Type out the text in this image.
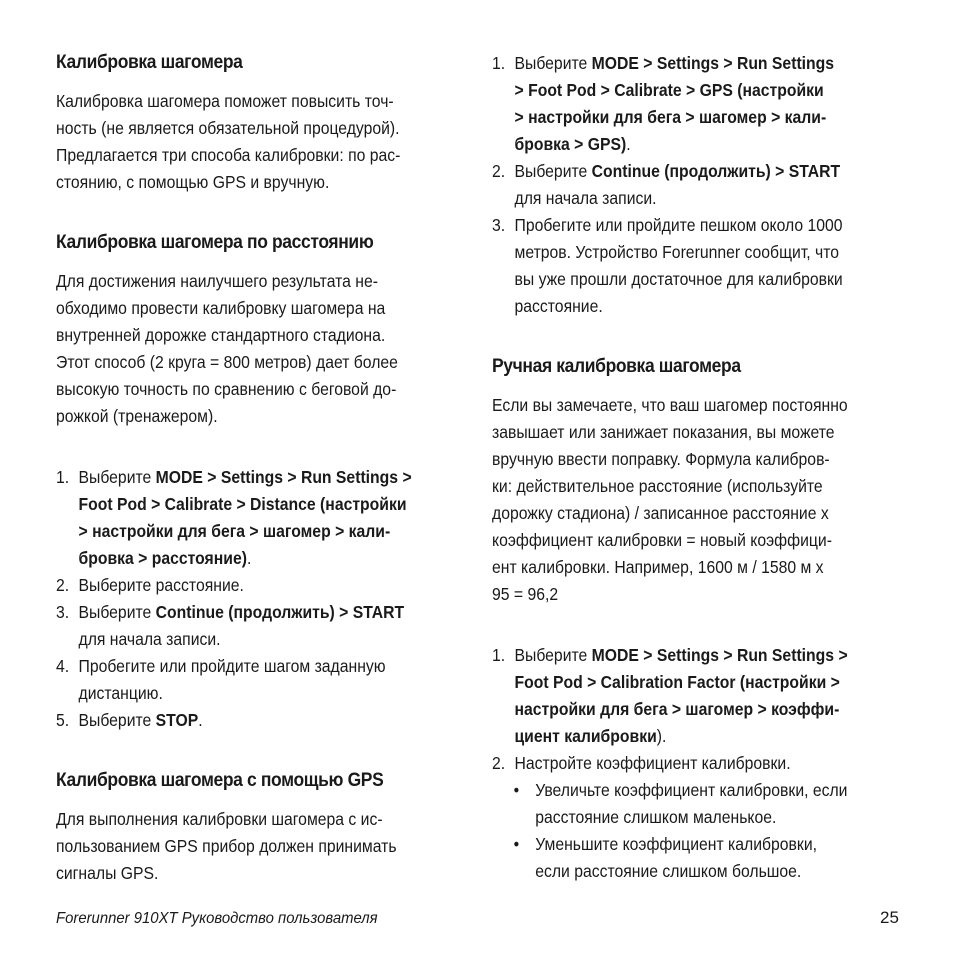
Калибровка шагомера
Калибровка шагомера поможет повысить точ-
ность (не является обязательной процедурой).
Предлагается три способа калибровки: по рас-
стоянию, с помощью GPS и вручную.
Калибровка шагомера по расстоянию
Для достижения наилучшего результата не-
обходимо провести калибровку шагомера на
внутренней дорожке стандартного стадиона.
Этот способ (2 круга = 800 метров) дает более
высокую точность по сравнению с беговой до-
рожкой (тренажером).
1. Выберите MODE > Settings > Run Settings >
Foot Pod > Calibrate > Distance (настройки
> настройки для бега > шагомер > кали-
бровка > расстояние).
2. Выберите расстояние.
3. Выберите Continue (продолжить) > START
для начала записи.
4. Пробегите или пройдите шагом заданную
дистанцию.
5. Выберите STOP.
Калибровка шагомера с помощью GPS
Для выполнения калибровки шагомера с ис-
пользованием GPS прибор должен принимать
сигналы GPS.
1. Выберите MODE > Settings > Run Settings
> Foot Pod > Calibrate > GPS (настройки
> настройки для бега > шагомер > кали-
бровка > GPS).
2. Выберите Continue (продолжить) > START
для начала записи.
3. Пробегите или пройдите пешком около 1000
метров. Устройство Forerunner сообщит, что
вы уже прошли достаточное для калибровки
расстояние.
Ручная калибровка шагомера
Если вы замечаете, что ваш шагомер постоянно
завышает или занижает показания, вы можете
вручную ввести поправку. Формула калибров-
ки: действительное расстояние (используйте
дорожку стадиона) / записанное расстояние x
коэффициент калибровки = новый коэффици-
ент калибровки. Например, 1600 м / 1580 м x
95 = 96,2
1. Выберите MODE > Settings > Run Settings >
Foot Pod > Calibration Factor (настройки >
настройки для бега > шагомер > коэффи-
циент калибровки).
2. Настройте коэффициент калибровки.
• Увеличьте коэффициент калибровки, если
расстояние слишком маленькое.
• Уменьшите коэффициент калибровки,
если расстояние слишком большое.
Forerunner 910XT Руководство пользователя	25
